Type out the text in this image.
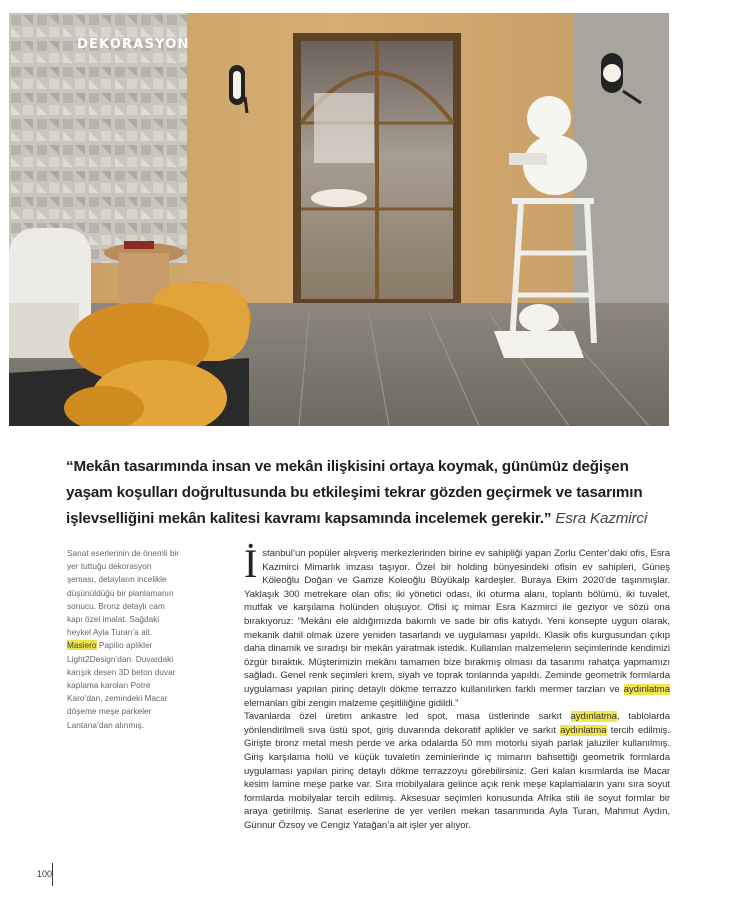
DEKORASYON
“Mekân tasarımında insan ve mekân ilişkisini ortaya koymak, günümüz değişen yaşam koşulları doğrultusunda bu etkileşimi tekrar gözden geçirmek ve tasarımın işlevselliğini mekân kalitesi kavramı kapsamında incelemek gerekir.” Esra Kazmirci
Sanat eserlerinin de önemli bir yer tuttuğu dekorasyon şeması, detayların incelikle düşünüldüğü bir planlamanın sonucu. Bronz detaylı cam kapı özel imalat. Sağdaki heykel Ayla Turan’a ait. Masiero Papilio aplikler Light2Design’dan. Duvardaki karışık desen 3D beton duvar kaplama karoları Potre Karo’dan, zemindeki Macar döşeme meşe parkeler Lantana’dan alınmış.

İstanbul’un popüler alışveriş merkezlerinden birine ev sahipliği yapan Zorlu Center’daki ofis, Esra Kazmirci Mimarlık imzası taşıyor. Özel bir holding bünyesindeki ofisin ev sahipleri, Güneş Köleoğlu Doğan ve Gamze Koleoğlu Büyükalp kardeşler. Buraya Ekim 2020’de taşınmışlar. Yaklaşık 300 metrekare olan ofis; iki yönetici odası, iki oturma alanı, toplantı bölümü, iki tuvalet, mutfak ve karşılama holünden oluşuyor. Ofisi iç mimar Esra Kazmirci ile geziyor ve sözü ona bırakıyoruz: “Mekânı ele aldığımızda bakımlı ve sade bir ofis katıydı. Yeni konsepte uygun olarak, mekanik dahil olmak üzere yeniden tasarlandı ve uygulaması yapıldı. Klasik ofis kurgusundan çıkıp daha dinamik ve sıradışı bir mekân yaratmak istedik. Kullanılan malzemelerin seçimlerinde kendimizi özgür bıraktık. Müşterimizin mekânı tamamen bize bırakmış olması da tasarımı rahatça yapmamızı sağladı. Genel renk seçimleri krem, siyah ve toprak tonlarında yapıldı. Zeminde geometrik formlarda uygulaması yapılan pirinç detaylı dökme terrazzo kullanılırken farklı mermer tarzları ve aydınlatma elemanları gibi zengin malzeme çeşitliliğine gidildi.”

Tavanlarda özel üretim ankastre led spot, masa üstlerinde sarkıt aydınlatma, tablolarda yönlendirilmeli sıva üstü spot, giriş duvarında dekoratif aplikler ve sarkıt aydınlatma tercih edilmiş. Girişte bronz metal mesh perde ve arka odalarda 50 mm motorlu siyah parlak jaluziler kullanılmış. Giriş karşılama holü ve küçük tuvaletin zeminlerinde iç mimarın bahsettiği geometrik formlarda uygulaması yapılan pirinç detaylı dökme terrazzoyu görebilirsiniz. Geri kalan kısımlarda ise Macar kesim lamine meşe parke var. Sıra mobilyalara gelince açık renk meşe kaplamaların yanı sıra soyut formlarda mobilyalar tercih edilmiş. Aksesuar seçimleri konusunda Afrika stili ile soyut formlar bir araya getirilmiş. Sanat eserlerine de yer verilen mekan tasarımında Ayla Turan, Mahmut Aydın, Günnur Özsoy ve Cengiz Yatağan’a ait işler yer alıyor.

100
